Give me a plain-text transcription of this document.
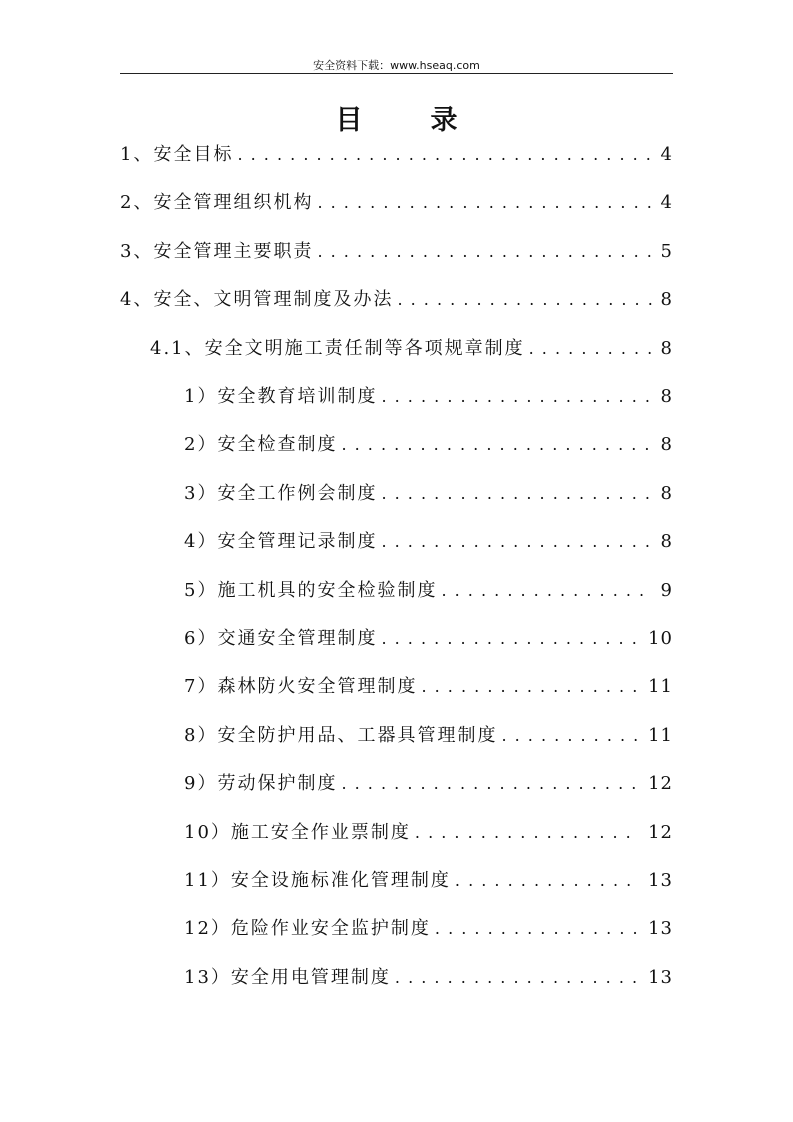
安全资料下载：www.hseaq.com
目录
1、安全目标 . . .	4
2、安全管理组织机构 . . .	4
3、安全管理主要职责 . . .	5
4、安全、文明管理制度及办法 . . .	8
4.1、安全文明施工责任制等各项规章制度 . . .	8
1）安全教育培训制度 . . .	8
2）安全检查制度 . . .	8
3）安全工作例会制度 . . .	8
4）安全管理记录制度 . . .	8
5）施工机具的安全检验制度 . . .	9
6）交通安全管理制度 . . .	10
7）森林防火安全管理制度 . . .	11
8）安全防护用品、工器具管理制度 . . .	11
9）劳动保护制度 . . .	12
10）施工安全作业票制度 . . .	12
11）安全设施标准化管理制度 . . .	13
12）危险作业安全监护制度 . . .	13
13）安全用电管理制度 . . .	13
